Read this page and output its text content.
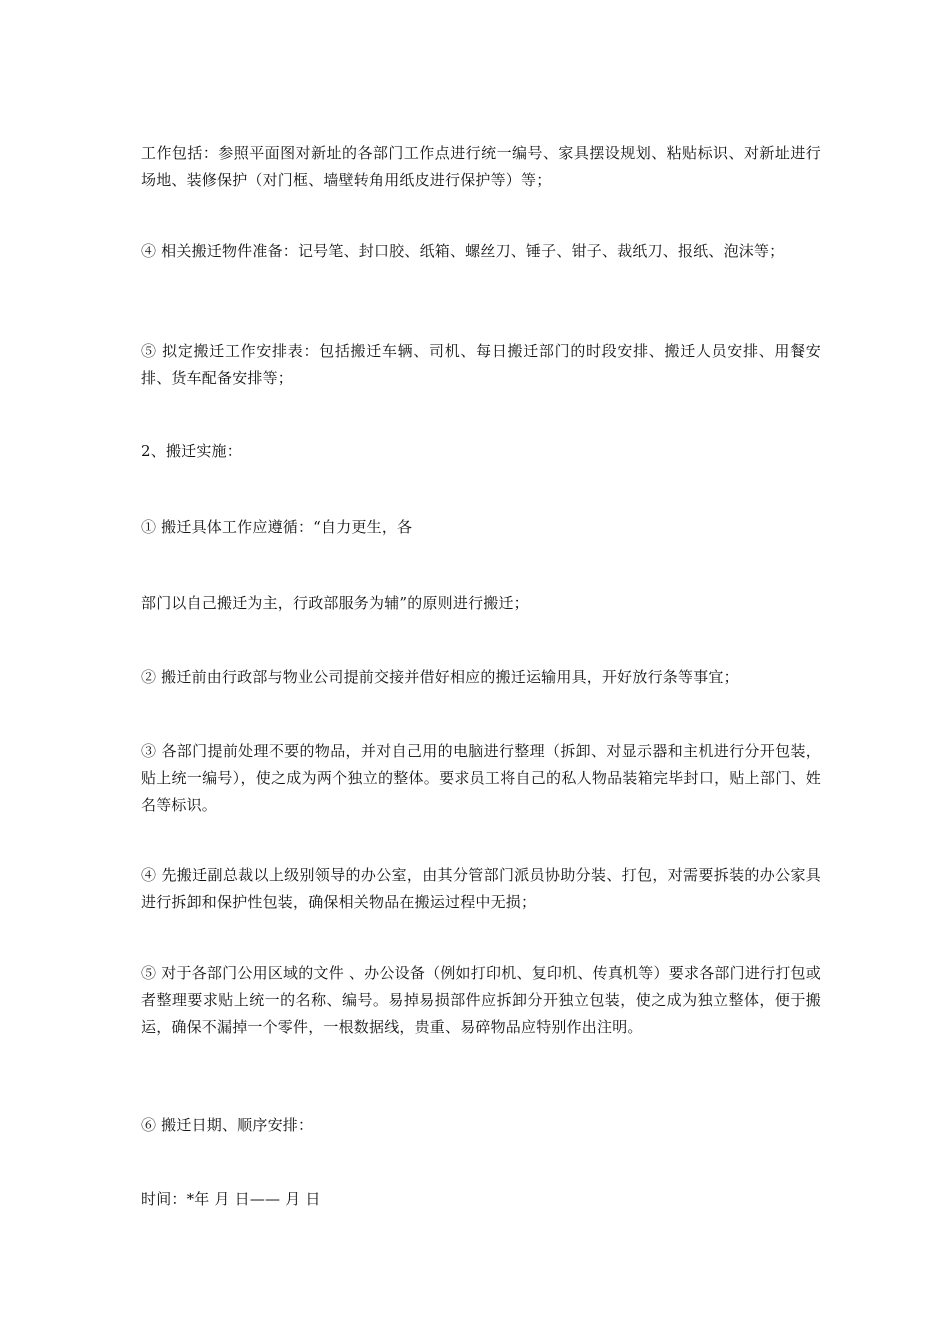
工作包括：参照平面图对新址的各部门工作点进行统一编号、家具摆设规划、粘贴标识、对新址进行场地、装修保护（对门框、墙壁转角用纸皮进行保护等）等；

④ 相关搬迁物件准备：记号笔、封口胶、纸箱、螺丝刀、锤子、钳子、裁纸刀、报纸、泡沫等；

⑤ 拟定搬迁工作安排表：包括搬迁车辆、司机、每日搬迁部门的时段安排、搬迁人员安排、用餐安排、货车配备安排等；

2、搬迁实施：

① 搬迁具体工作应遵循：“自力更生，各

部门以自己搬迁为主，行政部服务为辅”的原则进行搬迁；

② 搬迁前由行政部与物业公司提前交接并借好相应的搬迁运输用具，开好放行条等事宜；

③ 各部门提前处理不要的物品，并对自己用的电脑进行整理（拆卸、对显示器和主机进行分开包装，贴上统一编号），使之成为两个独立的整体。要求员工将自己的私人物品装箱完毕封口，贴上部门、姓名等标识。

④ 先搬迁副总裁以上级别领导的办公室，由其分管部门派员协助分装、打包，对需要拆装的办公家具进行拆卸和保护性包装，确保相关物品在搬运过程中无损；

⑤ 对于各部门公用区域的文件 、办公设备（例如打印机、复印机、传真机等）要求各部门进行打包或者整理要求贴上统一的名称、编号。易掉易损部件应拆卸分开独立包装，使之成为独立整体，便于搬运，确保不漏掉一个零件，一根数据线，贵重、易碎物品应特别作出注明。

⑥ 搬迁日期、顺序安排：

时间：*年 月 日—— 月 日
